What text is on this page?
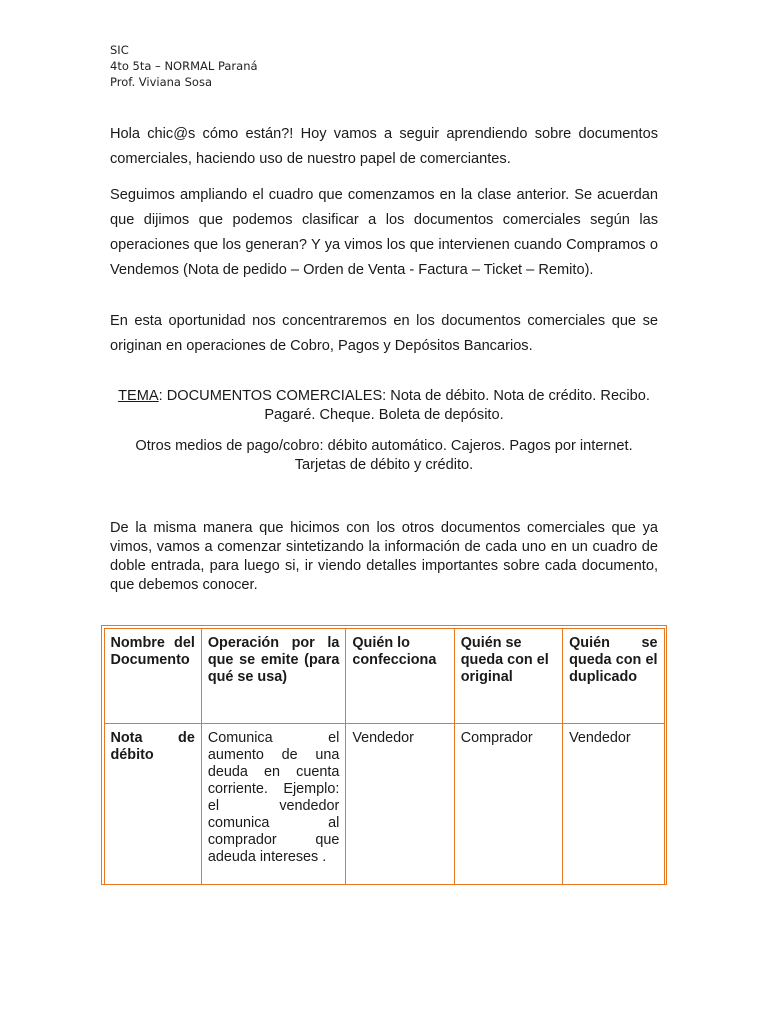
SIC
4to 5ta – NORMAL Paraná
Prof. Viviana Sosa

Hola chic@s cómo están?! Hoy vamos a seguir aprendiendo sobre documentos comerciales, haciendo uso de nuestro papel de comerciantes.

Seguimos ampliando el cuadro que comenzamos en la clase anterior. Se acuerdan que dijimos que podemos clasificar a los documentos comerciales según las operaciones que los generan? Y ya vimos los que intervienen cuando Compramos o Vendemos (Nota de pedido – Orden de Venta - Factura – Ticket – Remito).

En esta oportunidad nos concentraremos en los documentos comerciales que se originan en operaciones de Cobro, Pagos y Depósitos Bancarios.

TEMA: DOCUMENTOS COMERCIALES: Nota de débito. Nota de crédito. Recibo. Pagaré. Cheque. Boleta de depósito.
Otros medios de pago/cobro: débito automático. Cajeros. Pagos por internet. Tarjetas de débito y crédito.
De la misma manera que hicimos con los otros documentos comerciales que ya vimos, vamos a comenzar sintetizando la información de cada uno en un cuadro de doble entrada, para luego si, ir viendo detalles importantes sobre cada documento, que debemos conocer.
Nombre del Documento	Operación por la que se emite (para qué se usa)	Quién lo confecciona	Quién se queda con el original	Quién se queda con el duplicado
Nota de débito	Comunica el aumento de una deuda en cuenta corriente. Ejemplo: el vendedor comunica al comprador que adeuda intereses .	Vendedor	Comprador	Vendedor
